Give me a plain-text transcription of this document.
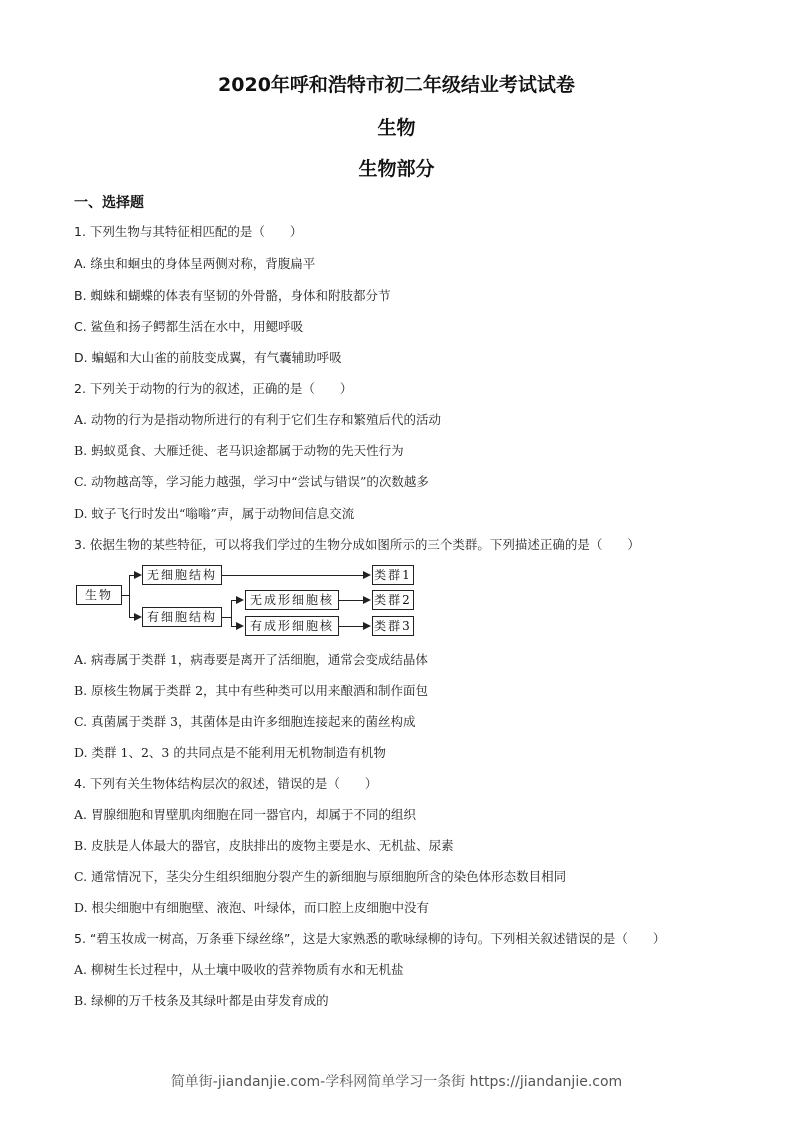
2020年呼和浩特市初二年级结业考试试卷
生物
生物部分
一、选择题
1. 下列生物与其特征相匹配的是（　　）
A. 绦虫和蛔虫的身体呈两侧对称，背腹扁平
B. 蜘蛛和蝴蝶的体表有坚韧的外骨骼，身体和附肢都分节
C. 鲨鱼和扬子鳄都生活在水中，用鳃呼吸
D. 蝙蝠和大山雀的前肢变成翼，有气囊辅助呼吸
2. 下列关于动物的行为的叙述，正确的是（　　）
A. 动物的行为是指动物所进行的有利于它们生存和繁殖后代的活动
B. 蚂蚁觅食、大雁迁徙、老马识途都属于动物的先天性行为
C. 动物越高等，学习能力越强，学习中“尝试与错误”的次数越多
D. 蚊子飞行时发出“嗡嗡”声，属于动物间信息交流
3. 依据生物的某些特征，可以将我们学过的生物分成如图所示的三个类群。下列描述正确的是（　　）
生物
无细胞结构
有细胞结构
无成形细胞核
有成形细胞核
类群1
类群2
类群3
A. 病毒属于类群 1，病毒要是离开了活细胞，通常会变成结晶体
B. 原核生物属于类群 2，其中有些种类可以用来酿酒和制作面包
C. 真菌属于类群 3，其菌体是由许多细胞连接起来的菌丝构成
D. 类群 1、2、3 的共同点是不能利用无机物制造有机物
4. 下列有关生物体结构层次的叙述，错误的是（　　）
A. 胃腺细胞和胃壁肌肉细胞在同一器官内，却属于不同的组织
B. 皮肤是人体最大的器官，皮肤排出的废物主要是水、无机盐、尿素
C. 通常情况下，茎尖分生组织细胞分裂产生的新细胞与原细胞所含的染色体形态数目相同
D. 根尖细胞中有细胞壁、液泡、叶绿体，而口腔上皮细胞中没有
5. “碧玉妆成一树高，万条垂下绿丝绦”，这是大家熟悉的歌咏绿柳的诗句。下列相关叙述错误的是（　　）
A. 柳树生长过程中，从土壤中吸收的营养物质有水和无机盐
B. 绿柳的万千枝条及其绿叶都是由芽发育成的
简单街-jiandanjie.com-学科网简单学习一条街 https://jiandanjie.com
